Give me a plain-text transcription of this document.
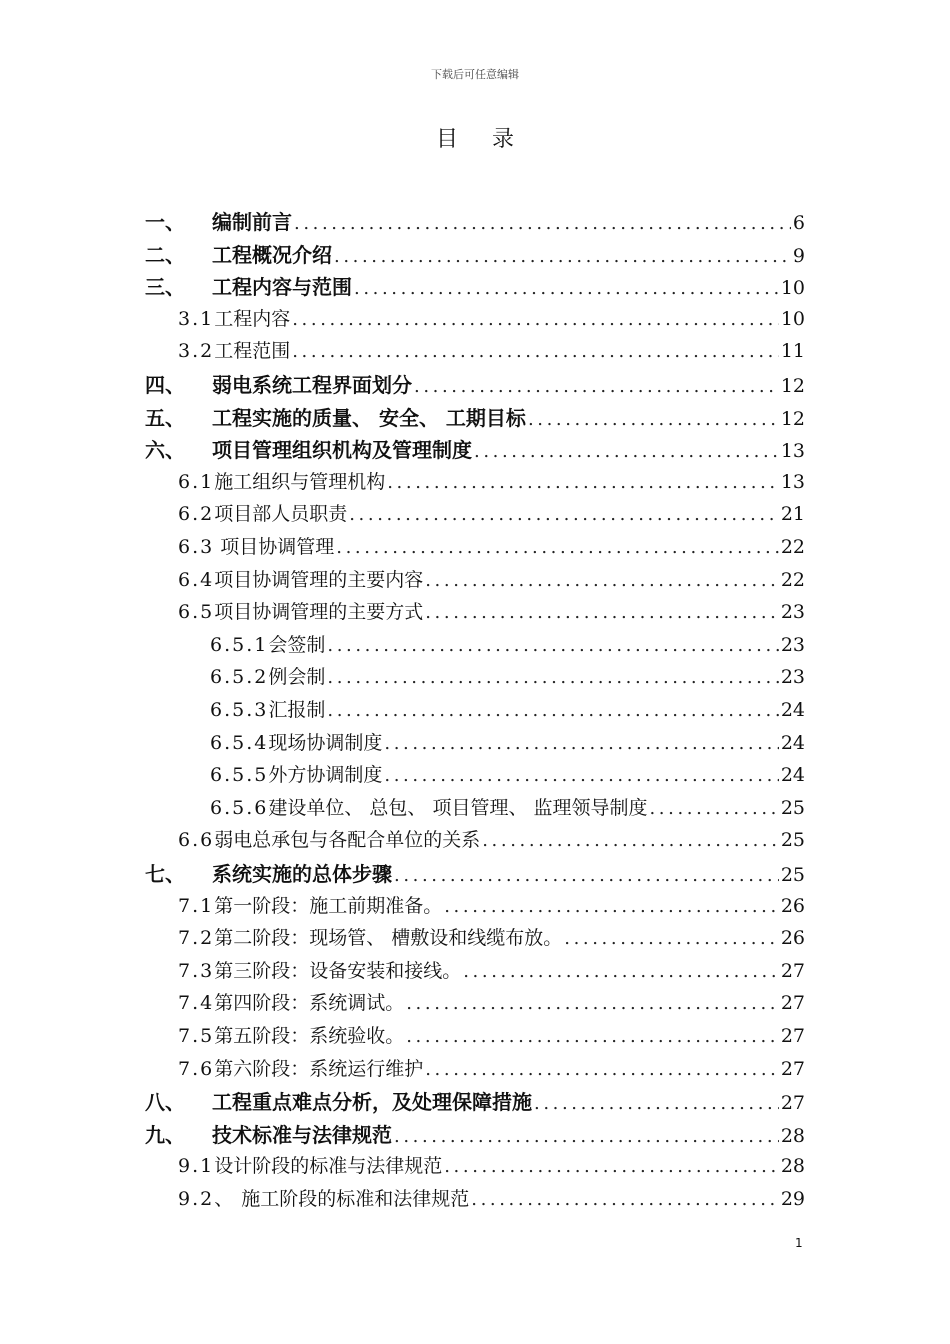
下载后可任意编辑
目录
一、 编制前言 .....	6
二、 工程概况介绍 .....	9
三、 工程内容与范围 .....	10
3.1工程内容 .....	10
3.2工程范围 .....	11
四、 弱电系统工程界面划分 .....	12
五、 工程实施的质量、 安全、 工期目标 .....	12
六、 项目管理组织机构及管理制度 .....	13
6.1施工组织与管理机构 .....	13
6.2项目部人员职责 .....	21
6.3 项目协调管理 .....	22
6.4项目协调管理的主要内容 .....	22
6.5项目协调管理的主要方式 .....	23
6.5.1会签制 .....	23
6.5.2例会制 .....	23
6.5.3汇报制 .....	24
6.5.4现场协调制度 .....	24
6.5.5外方协调制度 .....	24
6.5.6建设单位、 总包、 项目管理、 监理领导制度 .....	25
6.6弱电总承包与各配合单位的关系 .....	25
七、 系统实施的总体步骤 .....	25
7.1第一阶段：施工前期准备。 .....	26
7.2第二阶段：现场管、 槽敷设和线缆布放。 .....	26
7.3第三阶段：设备安装和接线。 .....	27
7.4第四阶段：系统调试。 .....	27
7.5第五阶段：系统验收。 .....	27
7.6第六阶段：系统运行维护 .....	27
八、 工程重点难点分析，及处理保障措施 .....	27
九、 技术标准与法律规范 .....	28
9.1设计阶段的标准与法律规范 .....	28
9.2、 施工阶段的标准和法律规范 .....	29
1
